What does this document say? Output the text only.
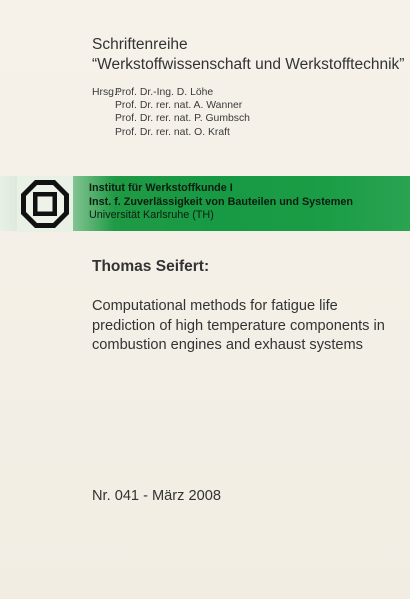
Schriftenreihe
“Werkstoffwissenschaft und Werkstofftechnik”
Hrsg.:
Prof. Dr.-Ing. D. Löhe
Prof. Dr. rer. nat. A. Wanner
Prof. Dr. rer. nat. P. Gumbsch
Prof. Dr. rer. nat. O. Kraft
Institut für Werkstoffkunde I
Inst. f. Zuverlässigkeit von Bauteilen und Systemen
Universität Karlsruhe (TH)
Thomas Seifert:
Computational methods for fatigue life prediction of high temperature components in combustion engines and exhaust systems
Nr. 041 - März 2008
